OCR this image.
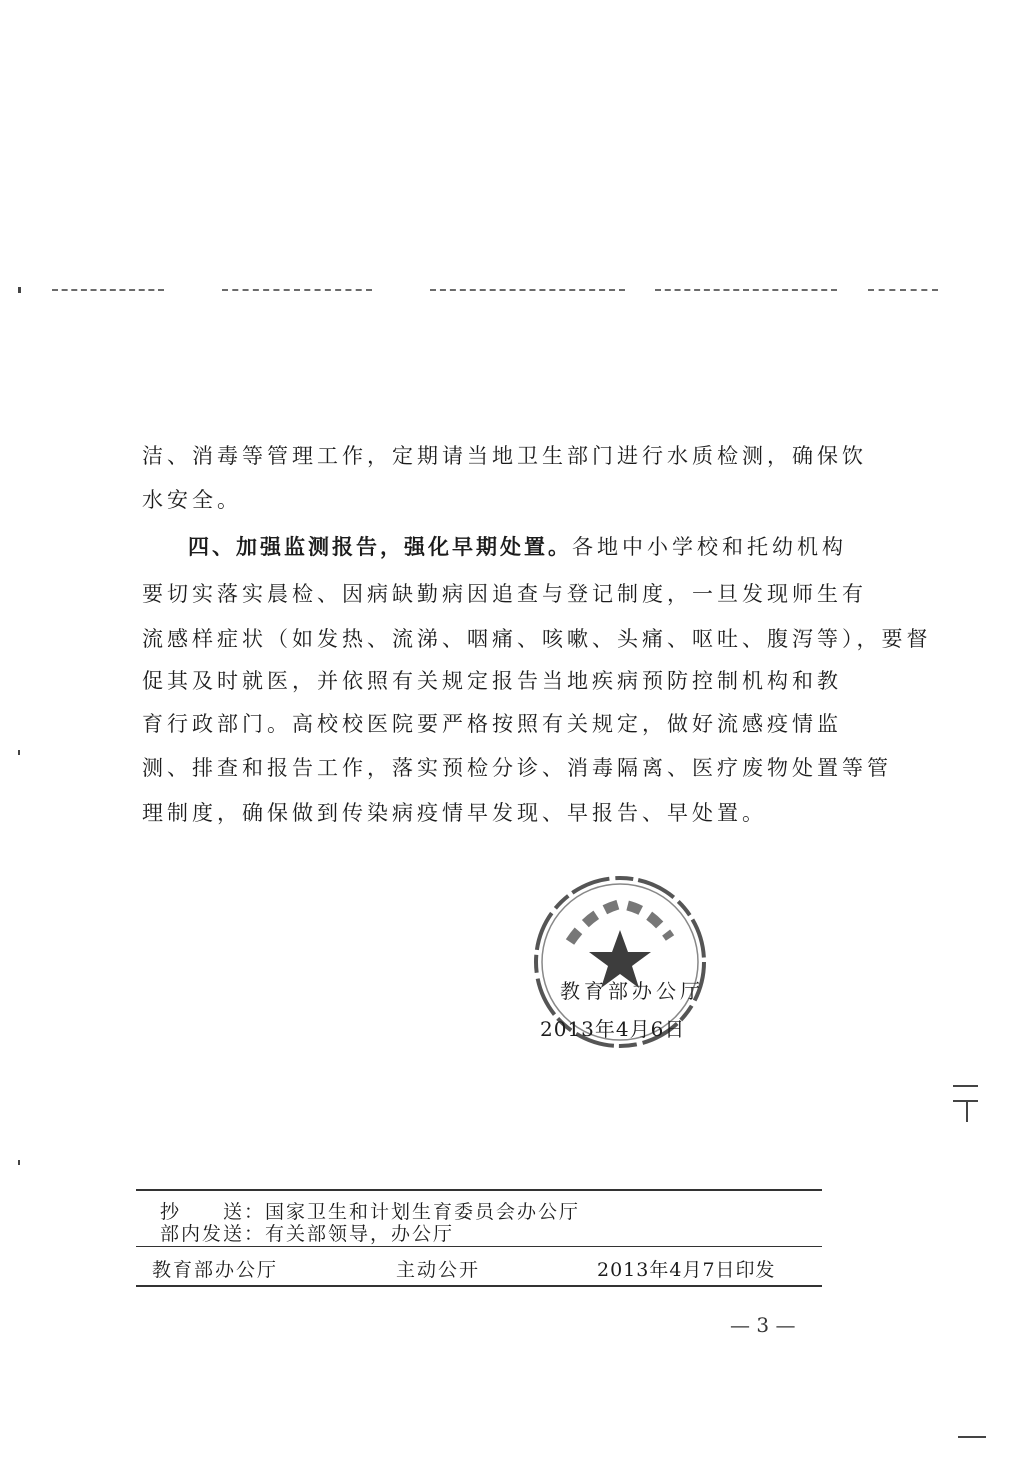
洁、消毒等管理工作，定期请当地卫生部门进行水质检测，确保饮
水安全。
四、加强监测报告，强化早期处置。各地中小学校和托幼机构
要切实落实晨检、因病缺勤病因追查与登记制度，一旦发现师生有
流感样症状（如发热、流涕、咽痛、咳嗽、头痛、呕吐、腹泻等），要督
促其及时就医，并依照有关规定报告当地疾病预防控制机构和教
育行政部门。高校校医院要严格按照有关规定，做好流感疫情监
测、排查和报告工作，落实预检分诊、消毒隔离、医疗废物处置等管
理制度，确保做到传染病疫情早发现、早报告、早处置。
教育部办公厅
2013年4月6日
抄　　送：国家卫生和计划生育委员会办公厅
部内发送：有关部领导，办公厅
教育部办公厅	主动公开	2013年4月7日印发
— 3 —
